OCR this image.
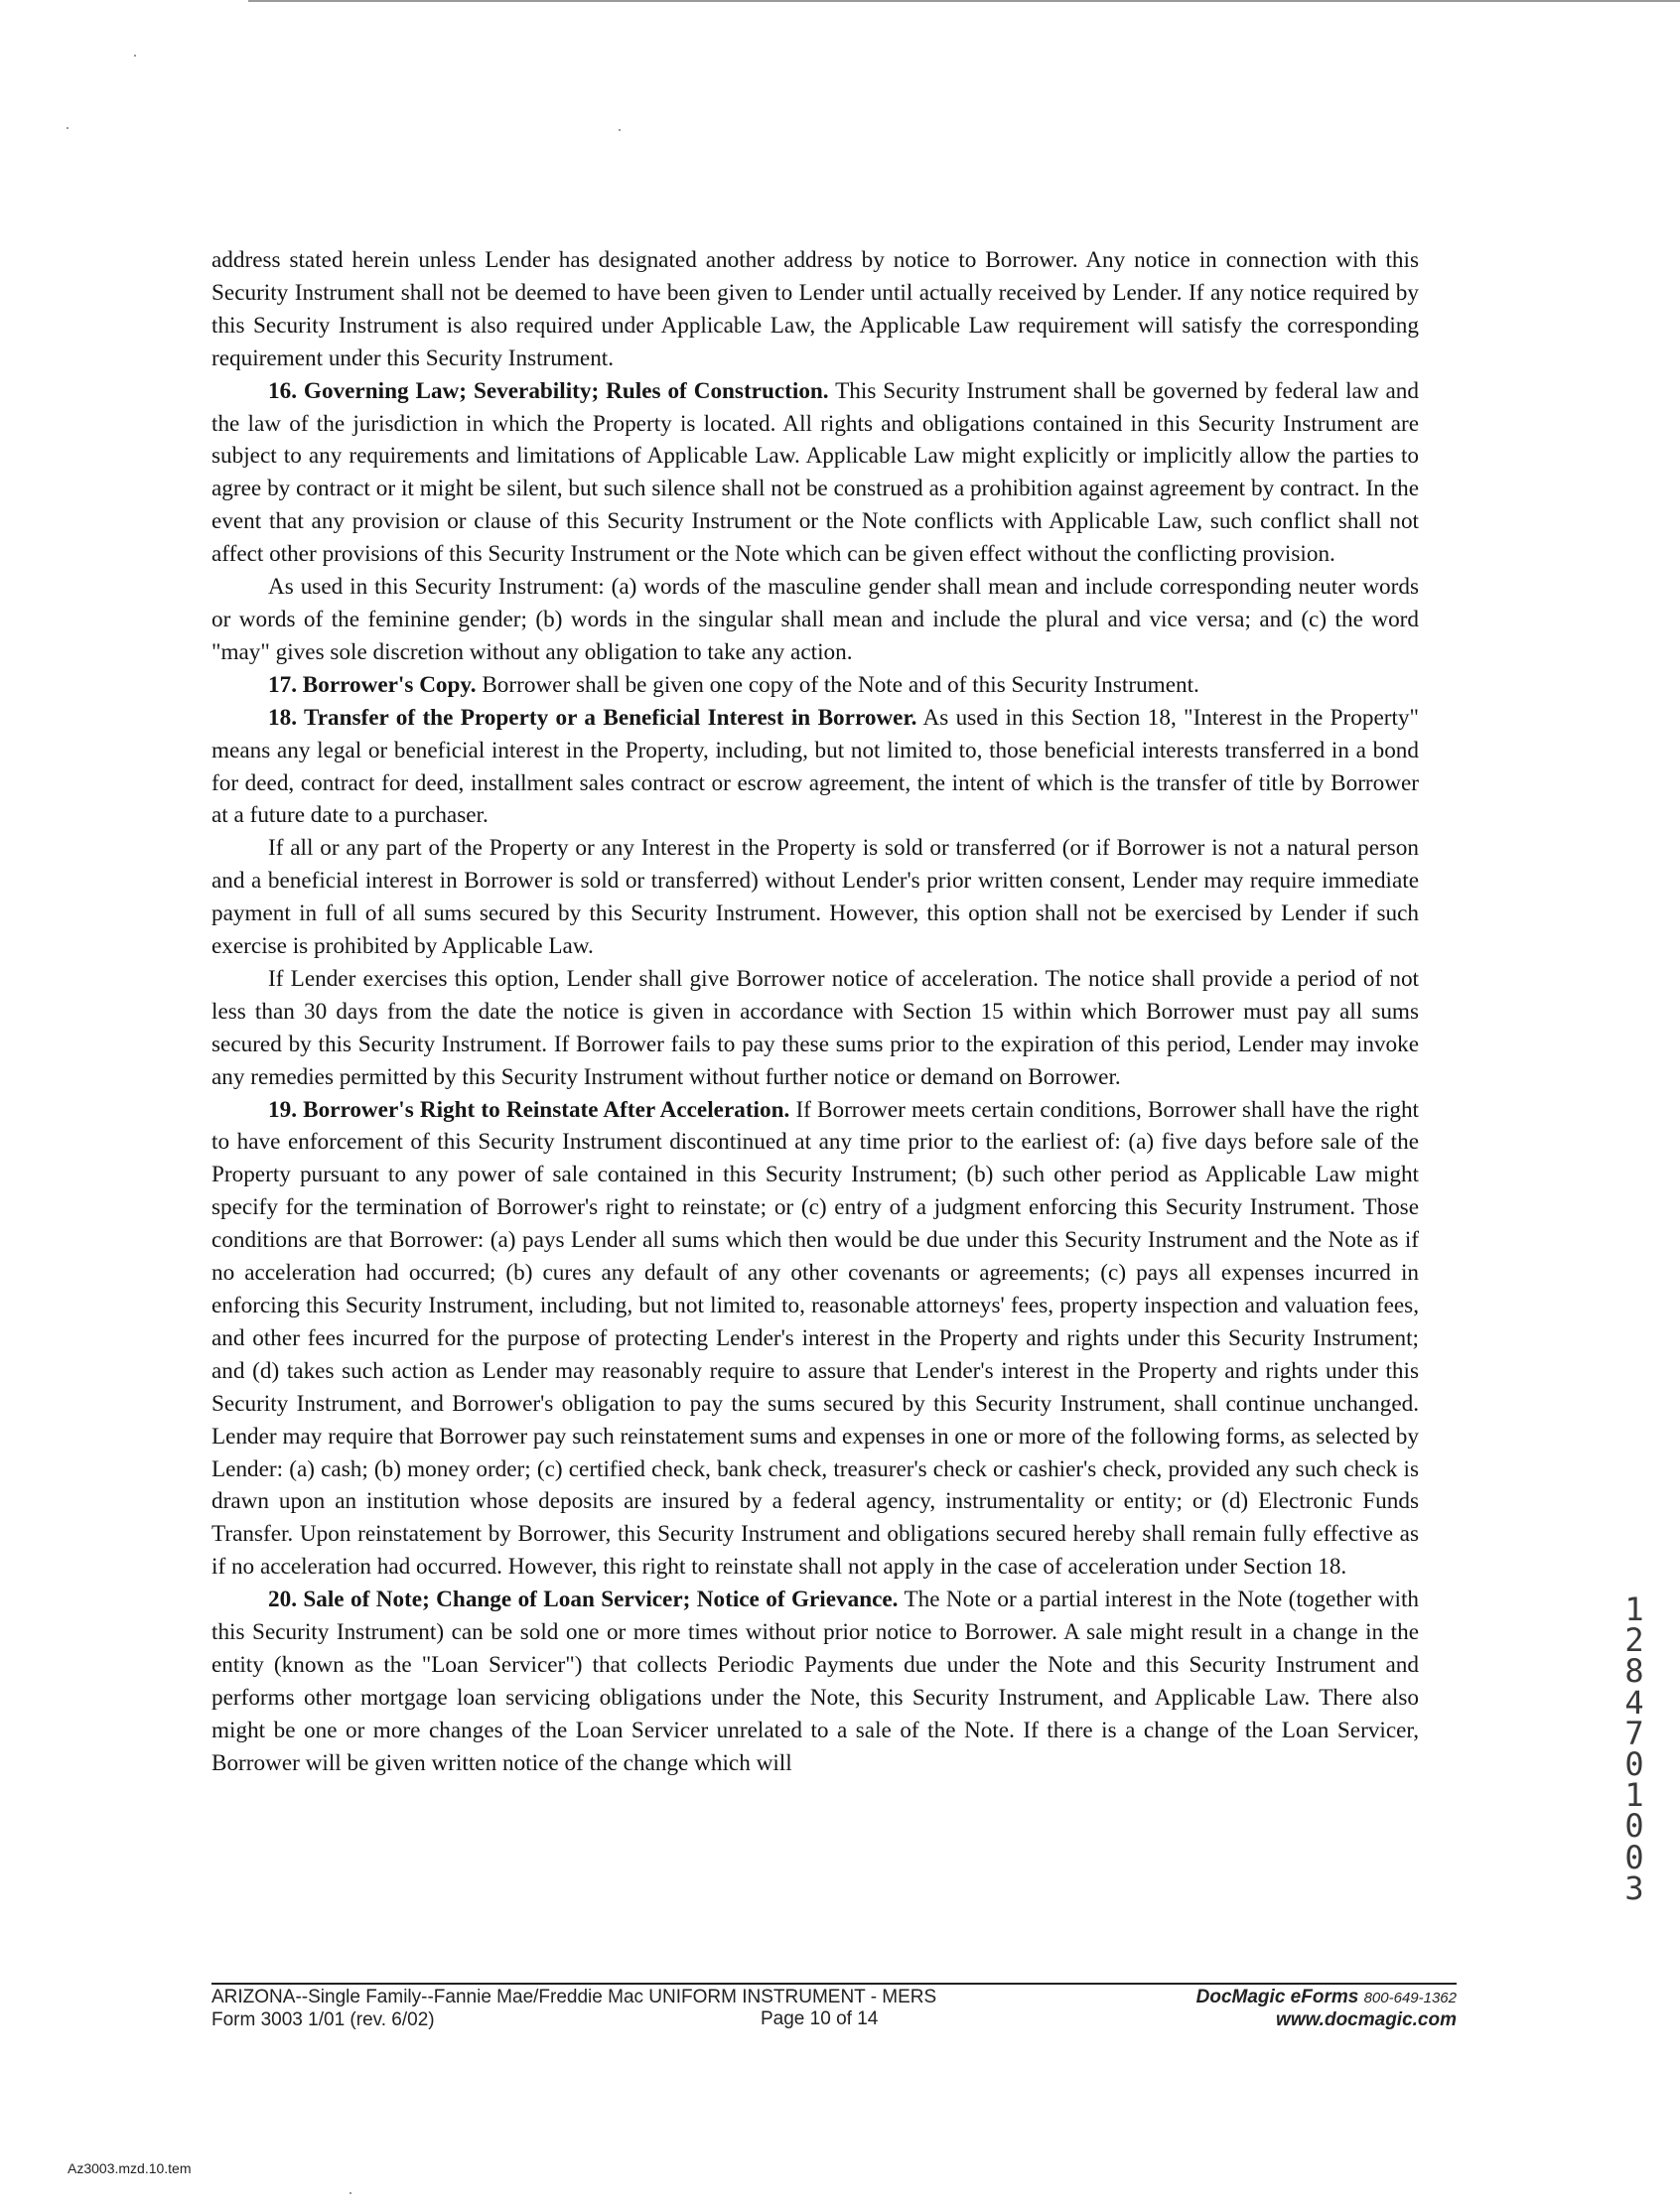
address stated herein unless Lender has designated another address by notice to Borrower. Any notice in connection with this Security Instrument shall not be deemed to have been given to Lender until actually received by Lender. If any notice required by this Security Instrument is also required under Applicable Law, the Applicable Law requirement will satisfy the corresponding requirement under this Security Instrument.

16. Governing Law; Severability; Rules of Construction. This Security Instrument shall be governed by federal law and the law of the jurisdiction in which the Property is located. All rights and obligations contained in this Security Instrument are subject to any requirements and limitations of Applicable Law. Applicable Law might explicitly or implicitly allow the parties to agree by contract or it might be silent, but such silence shall not be construed as a prohibition against agreement by contract. In the event that any provision or clause of this Security Instrument or the Note conflicts with Applicable Law, such conflict shall not affect other provisions of this Security Instrument or the Note which can be given effect without the conflicting provision.

As used in this Security Instrument: (a) words of the masculine gender shall mean and include corresponding neuter words or words of the feminine gender; (b) words in the singular shall mean and include the plural and vice versa; and (c) the word "may" gives sole discretion without any obligation to take any action.

17. Borrower's Copy. Borrower shall be given one copy of the Note and of this Security Instrument.

18. Transfer of the Property or a Beneficial Interest in Borrower. As used in this Section 18, "Interest in the Property" means any legal or beneficial interest in the Property, including, but not limited to, those beneficial interests transferred in a bond for deed, contract for deed, installment sales contract or escrow agreement, the intent of which is the transfer of title by Borrower at a future date to a purchaser.

If all or any part of the Property or any Interest in the Property is sold or transferred (or if Borrower is not a natural person and a beneficial interest in Borrower is sold or transferred) without Lender's prior written consent, Lender may require immediate payment in full of all sums secured by this Security Instrument. However, this option shall not be exercised by Lender if such exercise is prohibited by Applicable Law.

If Lender exercises this option, Lender shall give Borrower notice of acceleration. The notice shall provide a period of not less than 30 days from the date the notice is given in accordance with Section 15 within which Borrower must pay all sums secured by this Security Instrument. If Borrower fails to pay these sums prior to the expiration of this period, Lender may invoke any remedies permitted by this Security Instrument without further notice or demand on Borrower.

19. Borrower's Right to Reinstate After Acceleration. If Borrower meets certain conditions, Borrower shall have the right to have enforcement of this Security Instrument discontinued at any time prior to the earliest of: (a) five days before sale of the Property pursuant to any power of sale contained in this Security Instrument; (b) such other period as Applicable Law might specify for the termination of Borrower's right to reinstate; or (c) entry of a judgment enforcing this Security Instrument. Those conditions are that Borrower: (a) pays Lender all sums which then would be due under this Security Instrument and the Note as if no acceleration had occurred; (b) cures any default of any other covenants or agreements; (c) pays all expenses incurred in enforcing this Security Instrument, including, but not limited to, reasonable attorneys' fees, property inspection and valuation fees, and other fees incurred for the purpose of protecting Lender's interest in the Property and rights under this Security Instrument; and (d) takes such action as Lender may reasonably require to assure that Lender's interest in the Property and rights under this Security Instrument, and Borrower's obligation to pay the sums secured by this Security Instrument, shall continue unchanged. Lender may require that Borrower pay such reinstatement sums and expenses in one or more of the following forms, as selected by Lender: (a) cash; (b) money order; (c) certified check, bank check, treasurer's check or cashier's check, provided any such check is drawn upon an institution whose deposits are insured by a federal agency, instrumentality or entity; or (d) Electronic Funds Transfer. Upon reinstatement by Borrower, this Security Instrument and obligations secured hereby shall remain fully effective as if no acceleration had occurred. However, this right to reinstate shall not apply in the case of acceleration under Section 18.

20. Sale of Note; Change of Loan Servicer; Notice of Grievance. The Note or a partial interest in the Note (together with this Security Instrument) can be sold one or more times without prior notice to Borrower. A sale might result in a change in the entity (known as the "Loan Servicer") that collects Periodic Payments due under the Note and this Security Instrument and performs other mortgage loan servicing obligations under the Note, this Security Instrument, and Applicable Law. There also might be one or more changes of the Loan Servicer unrelated to a sale of the Note. If there is a change of the Loan Servicer, Borrower will be given written notice of the change which will

ARIZONA--Single Family--Fannie Mae/Freddie Mac UNIFORM INSTRUMENT - MERS	DocMagic eForms 800-649-1362
Form 3003 1/01 (rev. 6/02)	www.docmagic.com
Page 10 of 14
Az3003.mzd.10.tem
1
2
8
4
7
0
1
0
0
3
